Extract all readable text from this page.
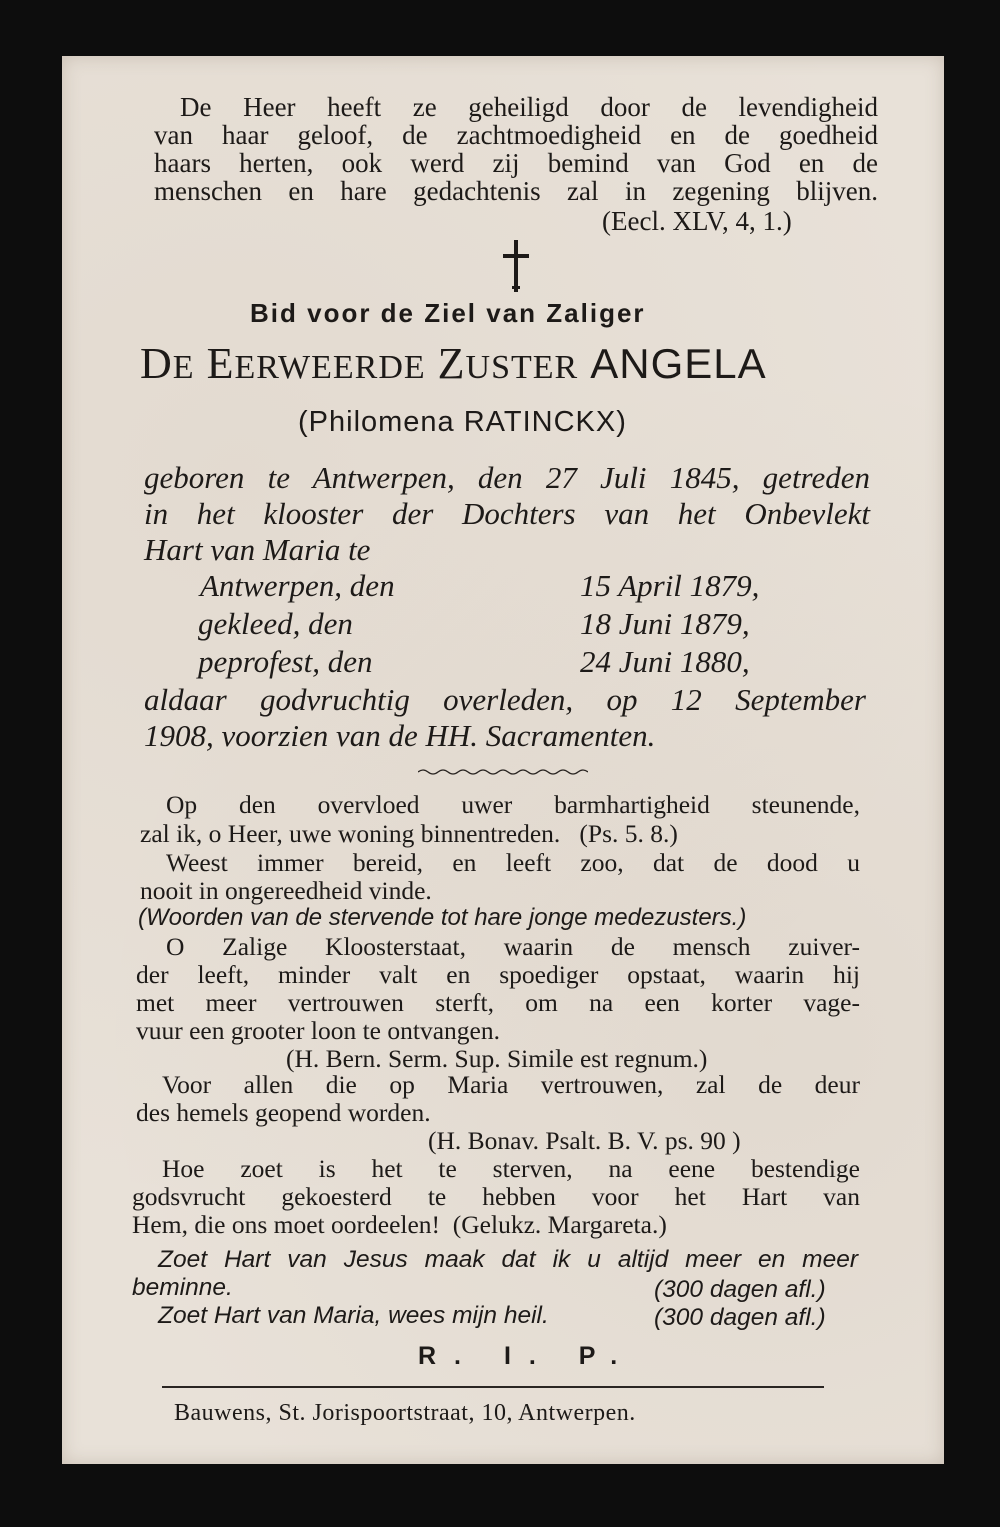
De Heer heeft ze geheiligd door de levendigheid
van haar geloof, de zachtmoedigheid en de goedheid
haars herten, ook werd zij bemind van God en de
menschen en hare gedachtenis zal in zegening blijven.
(Eecl. XLV, 4, 1.)
Bid voor de Ziel van Zaliger
DE EERWEERDE ZUSTER ANGELA
(Philomena RATINCKX)
geboren te Antwerpen, den 27 Juli 1845, getreden
in het klooster der Dochters van het Onbevlekt
Hart van Maria te
Antwerpen, den	15 April 1879,
gekleed, den	18 Juni 1879,
peprofest, den	24 Juni 1880,
aldaar godvruchtig overleden, op 12 September
1908, voorzien van de HH. Sacramenten.
Op den overvloed uwer barmhartigheid steunende,
zal ik, o Heer, uwe woning binnentreden.   (Ps. 5. 8.)
Weest immer bereid, en leeft zoo, dat de dood u
nooit in ongereedheid vinde.
(Woorden van de stervende tot hare jonge medezusters.)
O Zalige Kloosterstaat, waarin de mensch zuiver-
der leeft, minder valt en spoediger opstaat, waarin hij
met meer vertrouwen sterft, om na een korter vage-
vuur een grooter loon te ontvangen.
(H. Bern. Serm. Sup. Simile est regnum.)
Voor allen die op Maria vertrouwen, zal de deur
des hemels geopend worden.
(H. Bonav. Psalt. B. V. ps. 90 )
Hoe zoet is het te sterven, na eene bestendige
godsvrucht gekoesterd te hebben voor het Hart van
Hem, die ons moet oordeelen!  (Gelukz. Margareta.)
Zoet Hart van Jesus maak dat ik u altijd meer en meer
beminne.	(300 dagen afl.)
Zoet Hart van Maria, wees mijn heil.	(300 dagen afl.)
R. I. P.
Bauwens, St. Jorispoortstraat, 10, Antwerpen.
